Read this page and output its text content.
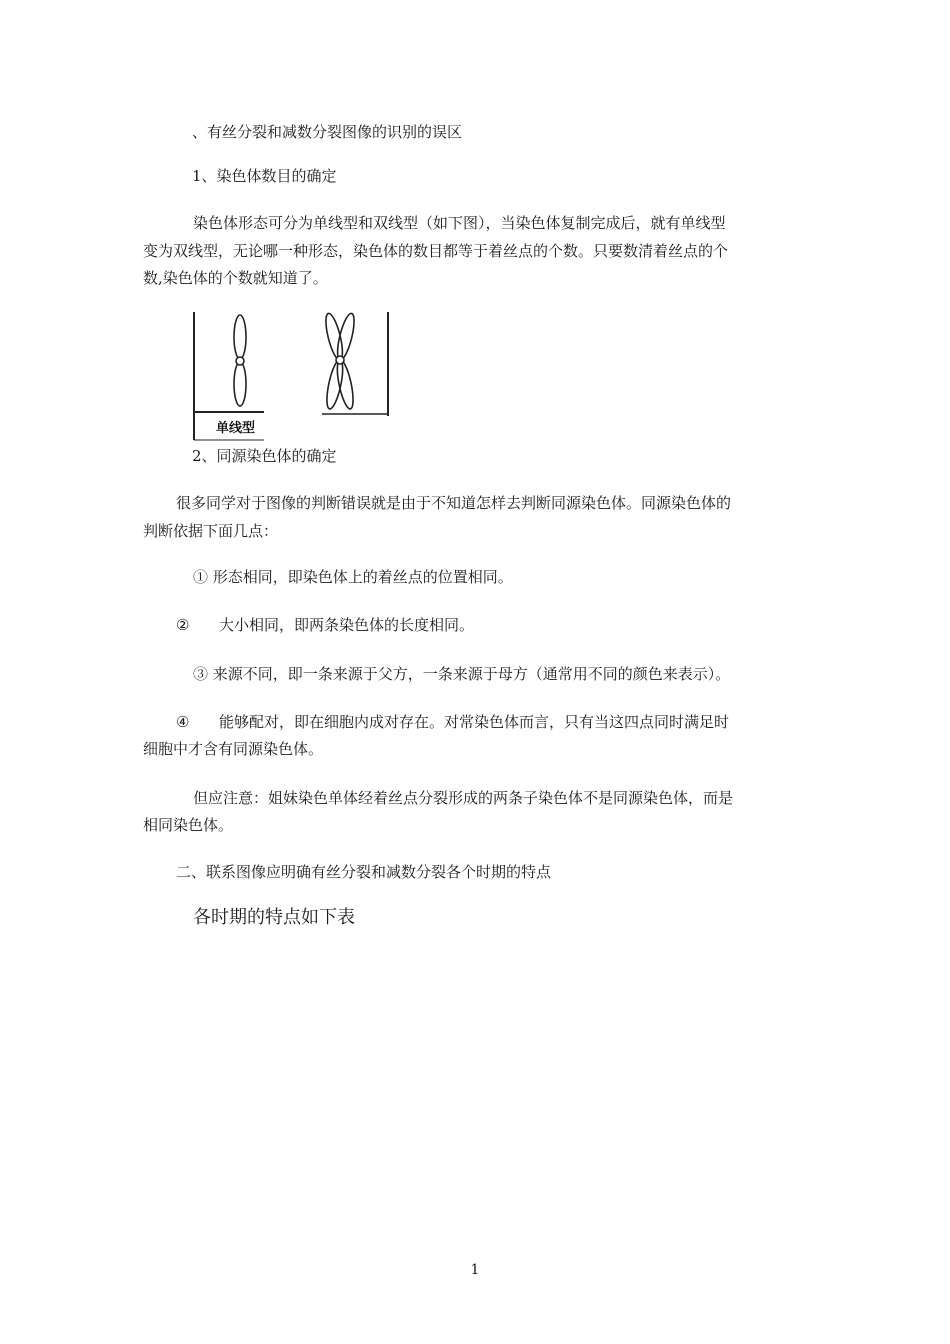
、有丝分裂和减数分裂图像的识别的误区
1、染色体数目的确定
染色体形态可分为单线型和双线型（如下图），当染色体复制完成后，就有单线型
变为双线型，无论哪一种形态，染色体的数目都等于着丝点的个数。只要数清着丝点的个
数,染色体的个数就知道了。
单线型
2、同源染色体的确定
很多同学对于图像的判断错误就是由于不知道怎样去判断同源染色体。同源染色体的
判断依据下面几点：
① 形态相同，即染色体上的着丝点的位置相同。
② 大小相同，即两条染色体的长度相同。
③ 来源不同，即一条来源于父方，一条来源于母方（通常用不同的颜色来表示）。
④ 能够配对，即在细胞内成对存在。对常染色体而言，只有当这四点同时满足时
细胞中才含有同源染色体。
但应注意：姐妹染色单体经着丝点分裂形成的两条子染色体不是同源染色体，而是
相同染色体。
二、联系图像应明确有丝分裂和减数分裂各个时期的特点
各时期的特点如下表
1
